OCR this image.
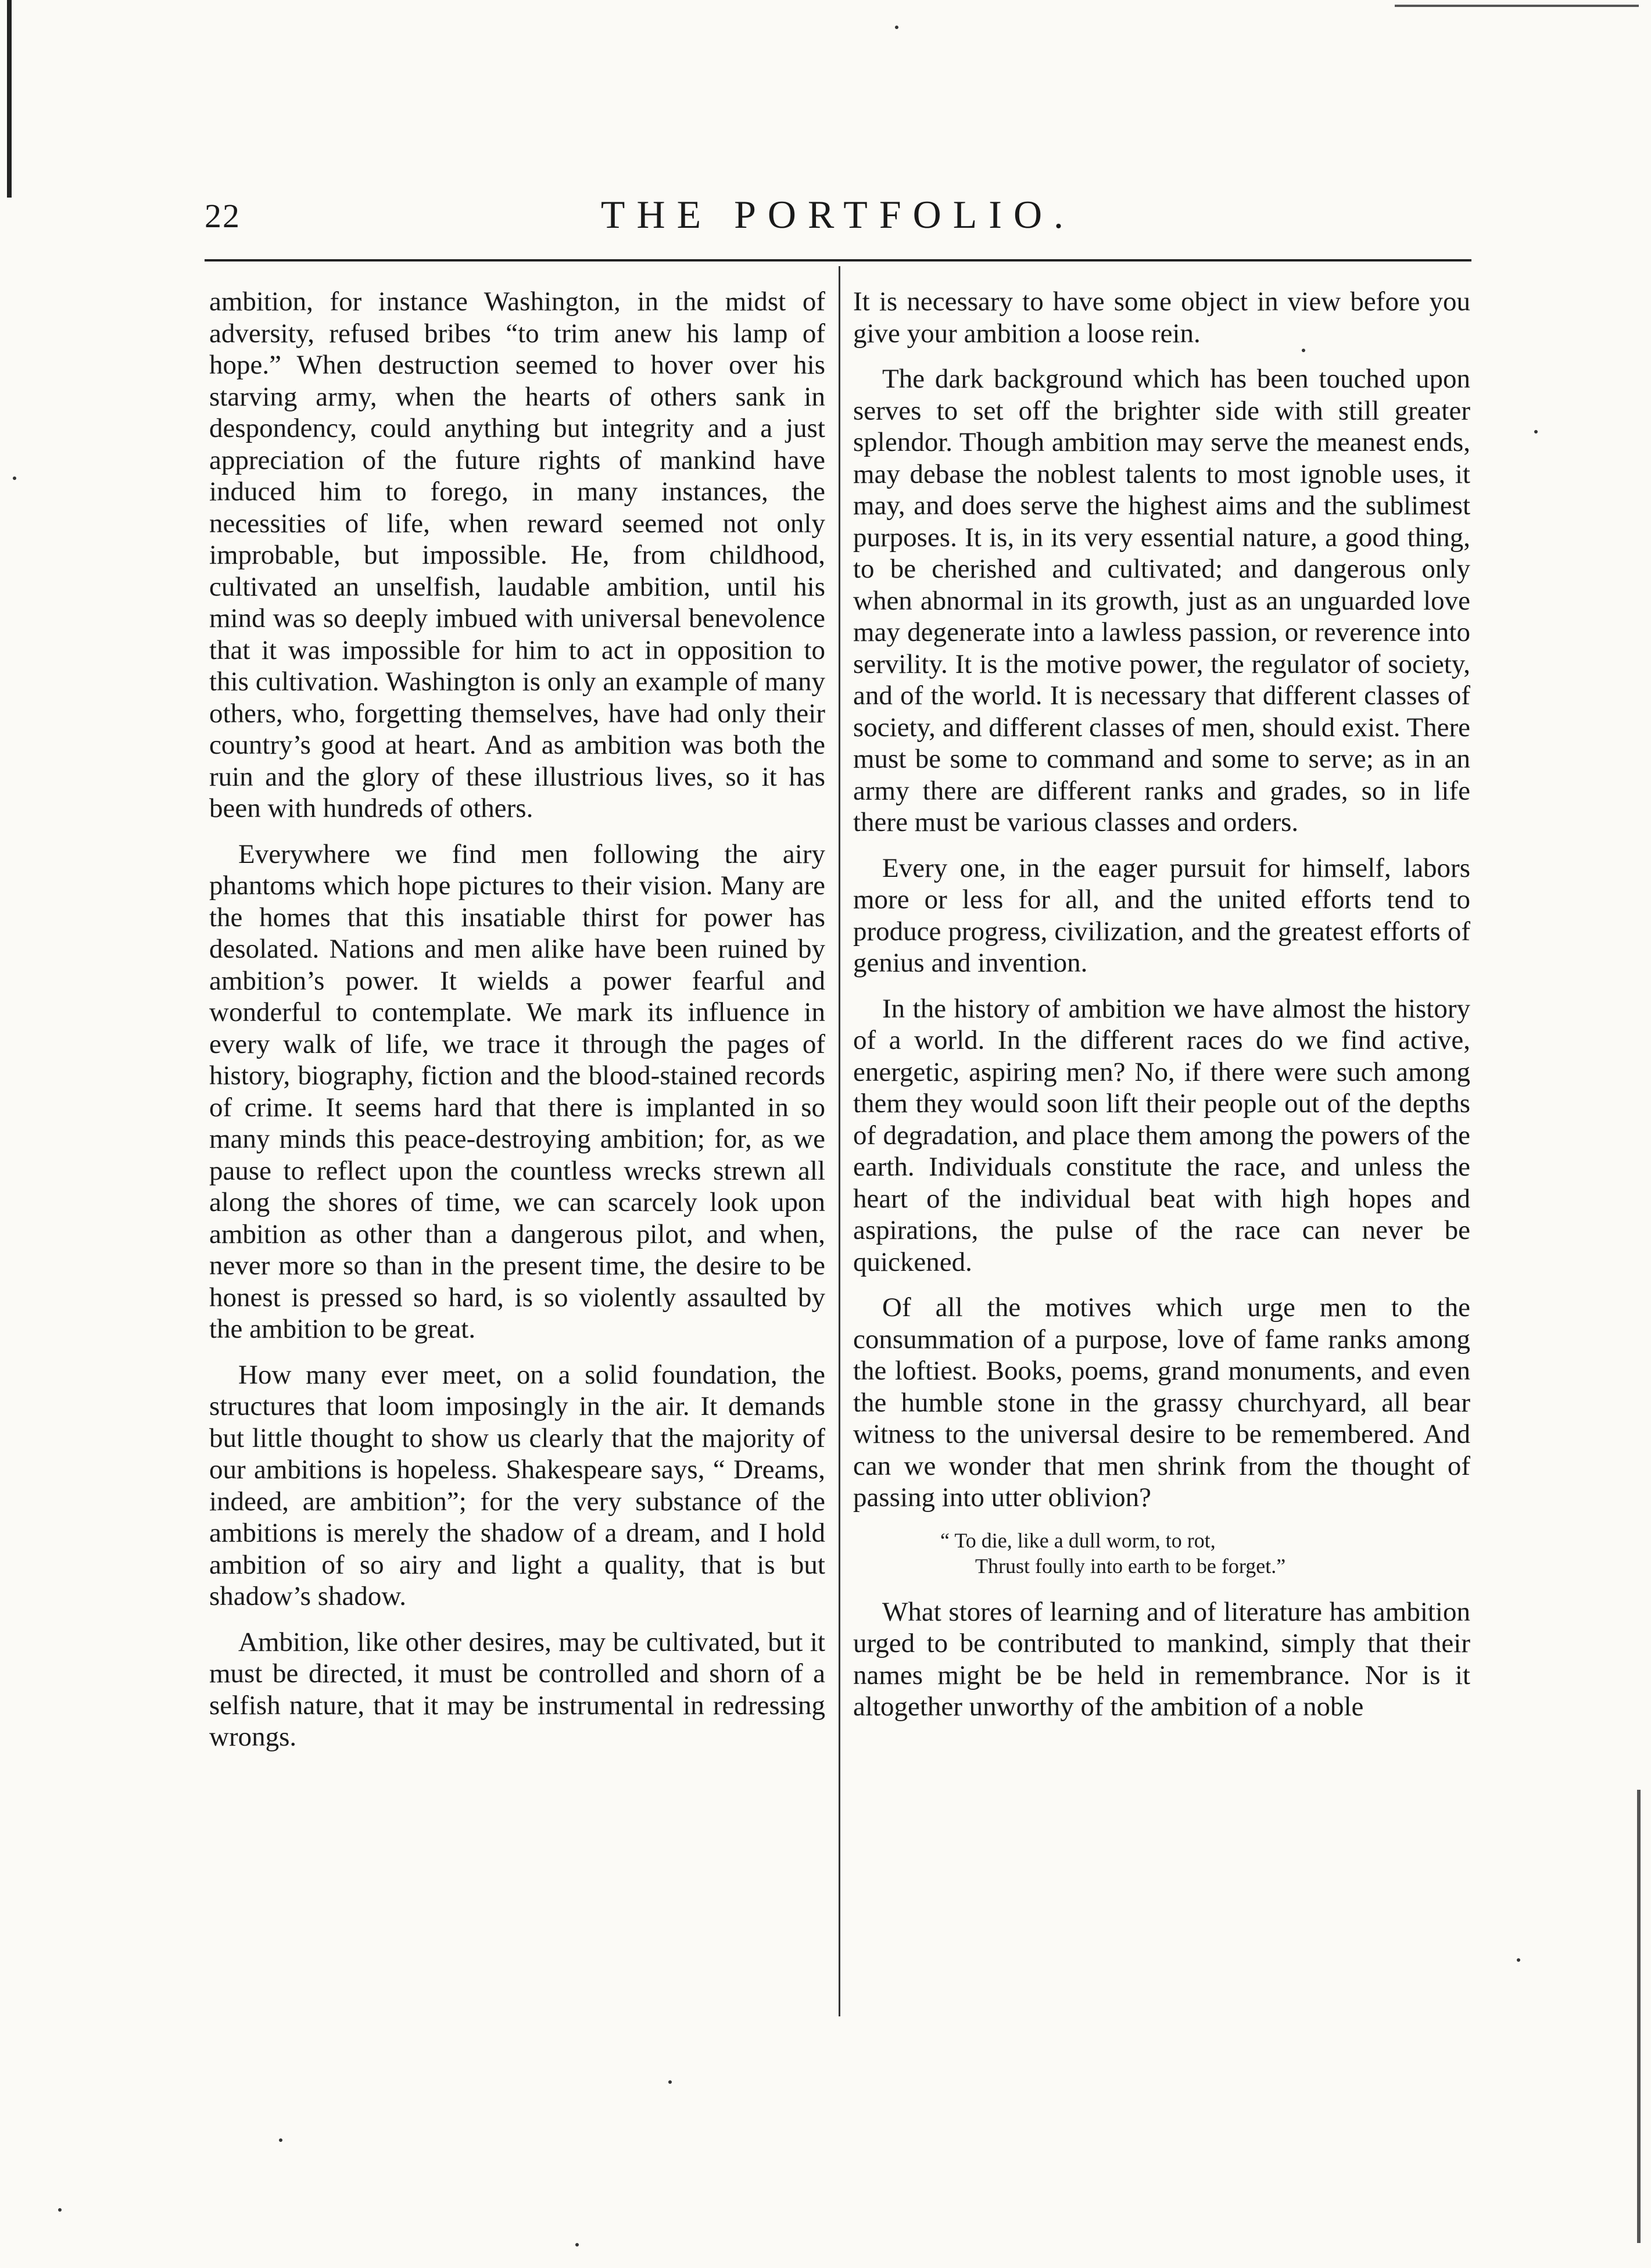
22	THE PORTFOLIO.

ambition, for instance Washington, in the midst of adversity, refused bribes “to trim anew his lamp of hope.” When destruction seemed to hover over his starving army, when the hearts of others sank in despondency, could anything but integrity and a just appreciation of the future rights of mankind have induced him to forego, in many instances, the necessities of life, when reward seemed not only improbable, but impossible. He, from childhood, cultivated an unselfish, laudable ambition, until his mind was so deeply imbued with universal benevolence that it was impossible for him to act in opposition to this cultivation. Washington is only an example of many others, who, forgetting themselves, have had only their country’s good at heart. And as ambition was both the ruin and the glory of these illustrious lives, so it has been with hundreds of others.

Everywhere we find men following the airy phantoms which hope pictures to their vision. Many are the homes that this insatiable thirst for power has desolated. Nations and men alike have been ruined by ambition’s power. It wields a power fearful and wonderful to contemplate. We mark its influence in every walk of life, we trace it through the pages of history, biography, fiction and the blood-stained records of crime. It seems hard that there is implanted in so many minds this peace-destroying ambition; for, as we pause to reflect upon the countless wrecks strewn all along the shores of time, we can scarcely look upon ambition as other than a dangerous pilot, and when, never more so than in the present time, the desire to be honest is pressed so hard, is so violently assaulted by the ambition to be great.

How many ever meet, on a solid foundation, the structures that loom imposingly in the air. It demands but little thought to show us clearly that the majority of our ambitions is hopeless. Shakespeare says, “ Dreams, indeed, are ambition”; for the very substance of the ambitions is merely the shadow of a dream, and I hold ambition of so airy and light a quality, that is but shadow’s shadow.

Ambition, like other desires, may be cultivated, but it must be directed, it must be controlled and shorn of a selfish nature, that it may be instrumental in redressing wrongs.

It is necessary to have some object in view before you give your ambition a loose rein.

The dark background which has been touched upon serves to set off the brighter side with still greater splendor. Though ambition may serve the meanest ends, may debase the noblest talents to most ignoble uses, it may, and does serve the highest aims and the sublimest purposes. It is, in its very essential nature, a good thing, to be cherished and cultivated; and dangerous only when abnormal in its growth, just as an unguarded love may degenerate into a lawless passion, or reverence into servility. It is the motive power, the regulator of society, and of the world. It is necessary that different classes of society, and different classes of men, should exist. There must be some to command and some to serve; as in an army there are different ranks and grades, so in life there must be various classes and orders.

Every one, in the eager pursuit for himself, labors more or less for all, and the united efforts tend to produce progress, civilization, and the greatest efforts of genius and invention.

In the history of ambition we have almost the history of a world. In the different races do we find active, energetic, aspiring men? No, if there were such among them they would soon lift their people out of the depths of degradation, and place them among the powers of the earth. Individuals constitute the race, and unless the heart of the individual beat with high hopes and aspirations, the pulse of the race can never be quickened.

Of all the motives which urge men to the consummation of a purpose, love of fame ranks among the loftiest. Books, poems, grand monuments, and even the humble stone in the grassy churchyard, all bear witness to the universal desire to be remembered. And can we wonder that men shrink from the thought of passing into utter oblivion?

“ To die, like a dull worm, to rot,
Thrust foully into earth to be forget.”

What stores of learning and of literature has ambition urged to be contributed to mankind, simply that their names might be be held in remembrance. Nor is it altogether unworthy of the ambition of a noble
